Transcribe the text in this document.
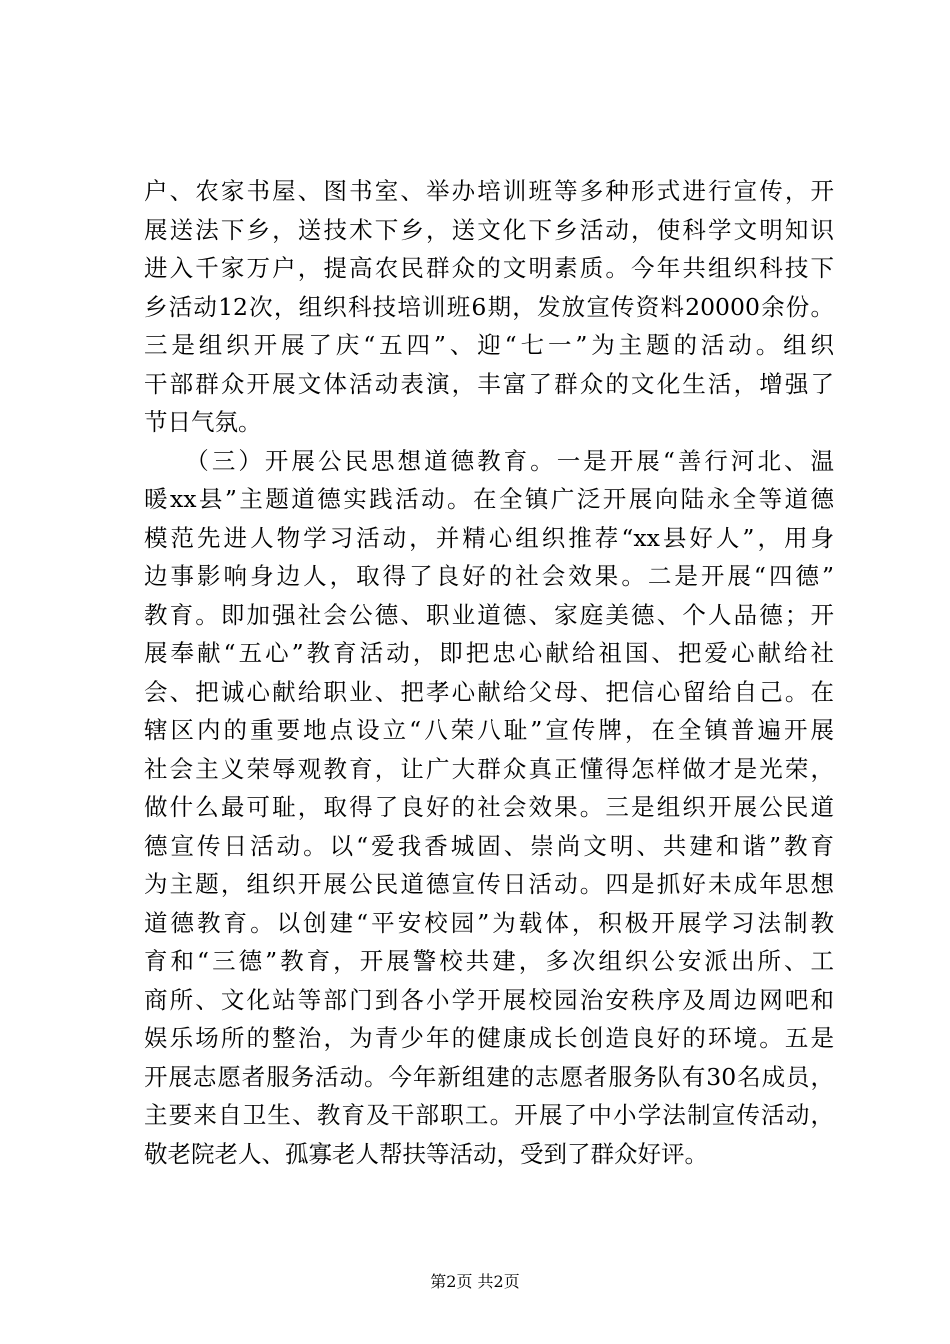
户、农家书屋、图书室、举办培训班等多种形式进行宣传，开
展送法下乡，送技术下乡，送文化下乡活动，使科学文明知识
进入千家万户，提高农民群众的文明素质。今年共组织科技下
乡活动12次，组织科技培训班6期，发放宣传资料20000余份。
三是组织开展了庆“五四”、迎“七一”为主题的活动。组织
干部群众开展文体活动表演，丰富了群众的文化生活，增强了
节日气氛。
　　（三）开展公民思想道德教育。一是开展“善行河北、温
暖xx县”主题道德实践活动。在全镇广泛开展向陆永全等道德
模范先进人物学习活动，并精心组织推荐“xx县好人”，用身
边事影响身边人，取得了良好的社会效果。二是开展“四德”
教育。即加强社会公德、职业道德、家庭美德、个人品德；开
展奉献“五心”教育活动，即把忠心献给祖国、把爱心献给社
会、把诚心献给职业、把孝心献给父母、把信心留给自己。在
辖区内的重要地点设立“八荣八耻”宣传牌，在全镇普遍开展
社会主义荣辱观教育，让广大群众真正懂得怎样做才是光荣，
做什么最可耻，取得了良好的社会效果。三是组织开展公民道
德宣传日活动。以“爱我香城固、崇尚文明、共建和谐”教育
为主题，组织开展公民道德宣传日活动。四是抓好未成年思想
道德教育。以创建“平安校园”为载体，积极开展学习法制教
育和“三德”教育，开展警校共建，多次组织公安派出所、工
商所、文化站等部门到各小学开展校园治安秩序及周边网吧和
娱乐场所的整治，为青少年的健康成长创造良好的环境。五是
开展志愿者服务活动。今年新组建的志愿者服务队有30名成员，
主要来自卫生、教育及干部职工。开展了中小学法制宣传活动，
敬老院老人、孤寡老人帮扶等活动，受到了群众好评。
第2页 共2页
